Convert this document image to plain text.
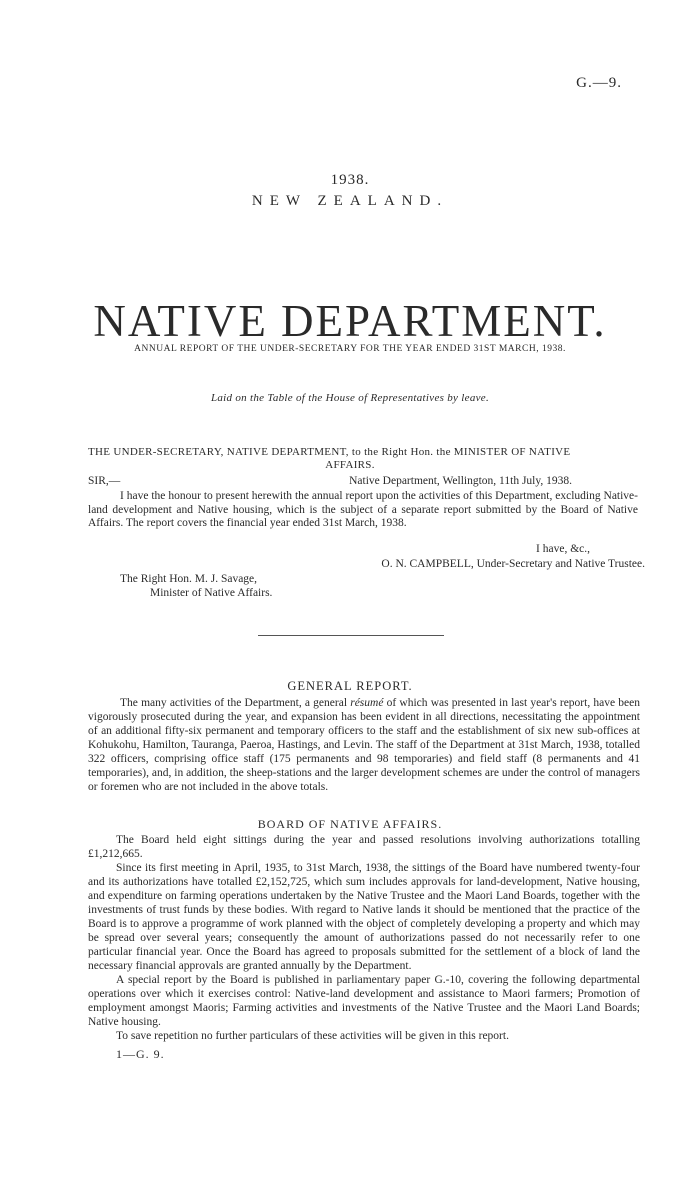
G.—9.
1938.
NEW ZEALAND.
NATIVE DEPARTMENT.
ANNUAL REPORT OF THE UNDER-SECRETARY FOR THE YEAR ENDED 31ST MARCH, 1938.
Laid on the Table of the House of Representatives by leave.
THE UNDER-SECRETARY, NATIVE DEPARTMENT, to the Right Hon. the MINISTER OF NATIVE
AFFAIRS.
SIR,—	Native Department, Wellington, 11th July, 1938.

I have the honour to present herewith the annual report upon the activities of this Department, excluding Native-land development and Native housing, which is the subject of a separate report submitted by the Board of Native Affairs. The report covers the financial year ended 31st March, 1938.

I have, &c.,
O. N. CAMPBELL, Under-Secretary and Native Trustee.
The Right Hon. M. J. Savage,
Minister of Native Affairs.
GENERAL REPORT.

The many activities of the Department, a general résumé of which was presented in last year's report, have been vigorously prosecuted during the year, and expansion has been evident in all directions, necessitating the appointment of an additional fifty-six permanent and temporary officers to the staff and the establishment of six new sub-offices at Kohukohu, Hamilton, Tauranga, Paeroa, Hastings, and Levin. The staff of the Department at 31st March, 1938, totalled 322 officers, comprising office staff (175 permanents and 98 temporaries) and field staff (8 permanents and 41 temporaries), and, in addition, the sheep-stations and the larger development schemes are under the control of managers or foremen who are not included in the above totals.

BOARD OF NATIVE AFFAIRS.

The Board held eight sittings during the year and passed resolutions involving authorizations totalling £1,212,665.

Since its first meeting in April, 1935, to 31st March, 1938, the sittings of the Board have numbered twenty-four and its authorizations have totalled £2,152,725, which sum includes approvals for land-development, Native housing, and expenditure on farming operations undertaken by the Native Trustee and the Maori Land Boards, together with the investments of trust funds by these bodies. With regard to Native lands it should be mentioned that the practice of the Board is to approve a programme of work planned with the object of completely developing a property and which may be spread over several years; consequently the amount of authorizations passed do not necessarily refer to one particular financial year. Once the Board has agreed to proposals submitted for the settlement of a block of land the necessary financial approvals are granted annually by the Department.

A special report by the Board is published in parliamentary paper G.-10, covering the following departmental operations over which it exercises control: Native-land development and assistance to Maori farmers; Promotion of employment amongst Maoris; Farming activities and investments of the Native Trustee and the Maori Land Boards; Native housing.

To save repetition no further particulars of these activities will be given in this report.

1—G. 9.
